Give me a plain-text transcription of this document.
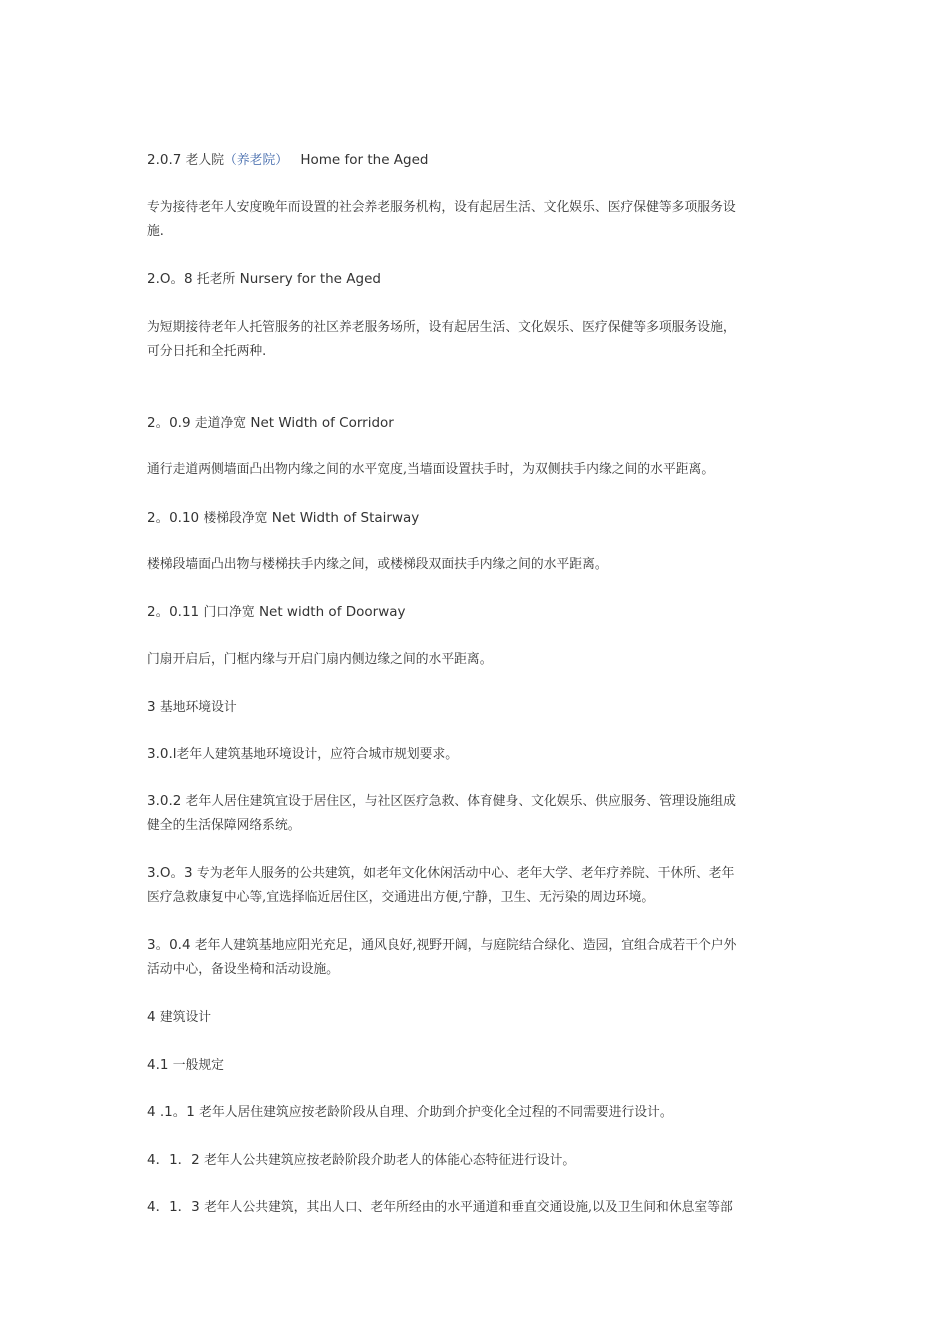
2.0.7 老人院（养老院） Home for the Aged
专为接待老年人安度晚年而设置的社会养老服务机构，设有起居生活、文化娱乐、医疗保健等多项服务设
施.
2.O。8 托老所 Nursery for the Aged
为短期接待老年人托管服务的社区养老服务场所，设有起居生活、文化娱乐、医疗保健等多项服务设施，
可分日托和全托两种.
2。0.9 走道净宽 Net Width of Corridor
通行走道两侧墙面凸出物内缘之间的水平宽度,当墙面设置扶手时，为双侧扶手内缘之间的水平距离。
2。0.10 楼梯段净宽 Net Width of Stairway
楼梯段墙面凸出物与楼梯扶手内缘之间，或楼梯段双面扶手内缘之间的水平距离。
2。0.11 门口净宽 Net width of Doorway
门扇开启后，门框内缘与开启门扇内侧边缘之间的水平距离。
3 基地环境设计
3.0.l老年人建筑基地环境设计，应符合城市规划要求。
3.0.2 老年人居住建筑宜设于居住区，与社区医疗急救、体育健身、文化娱乐、供应服务、管理设施组成
健全的生活保障网络系统。
3.O。3 专为老年人服务的公共建筑，如老年文化休闲活动中心、老年大学、老年疗养院、干休所、老年
医疗急救康复中心等,宜选择临近居住区，交通进出方便,宁静，卫生、无污染的周边环境。
3。0.4 老年人建筑基地应阳光充足，通风良好,视野开阔，与庭院结合绿化、造园，宜组合成若干个户外
活动中心，备设坐椅和活动设施。
4 建筑设计
4.1 一般规定
4 .1。1 老年人居住建筑应按老龄阶段从自理、介助到介护变化全过程的不同需要进行设计。
4．1．2 老年人公共建筑应按老龄阶段介助老人的体能心态特征进行设计。
4．1．3 老年人公共建筑，其出人口、老年所经由的水平通道和垂直交通设施,以及卫生间和休息室等部
